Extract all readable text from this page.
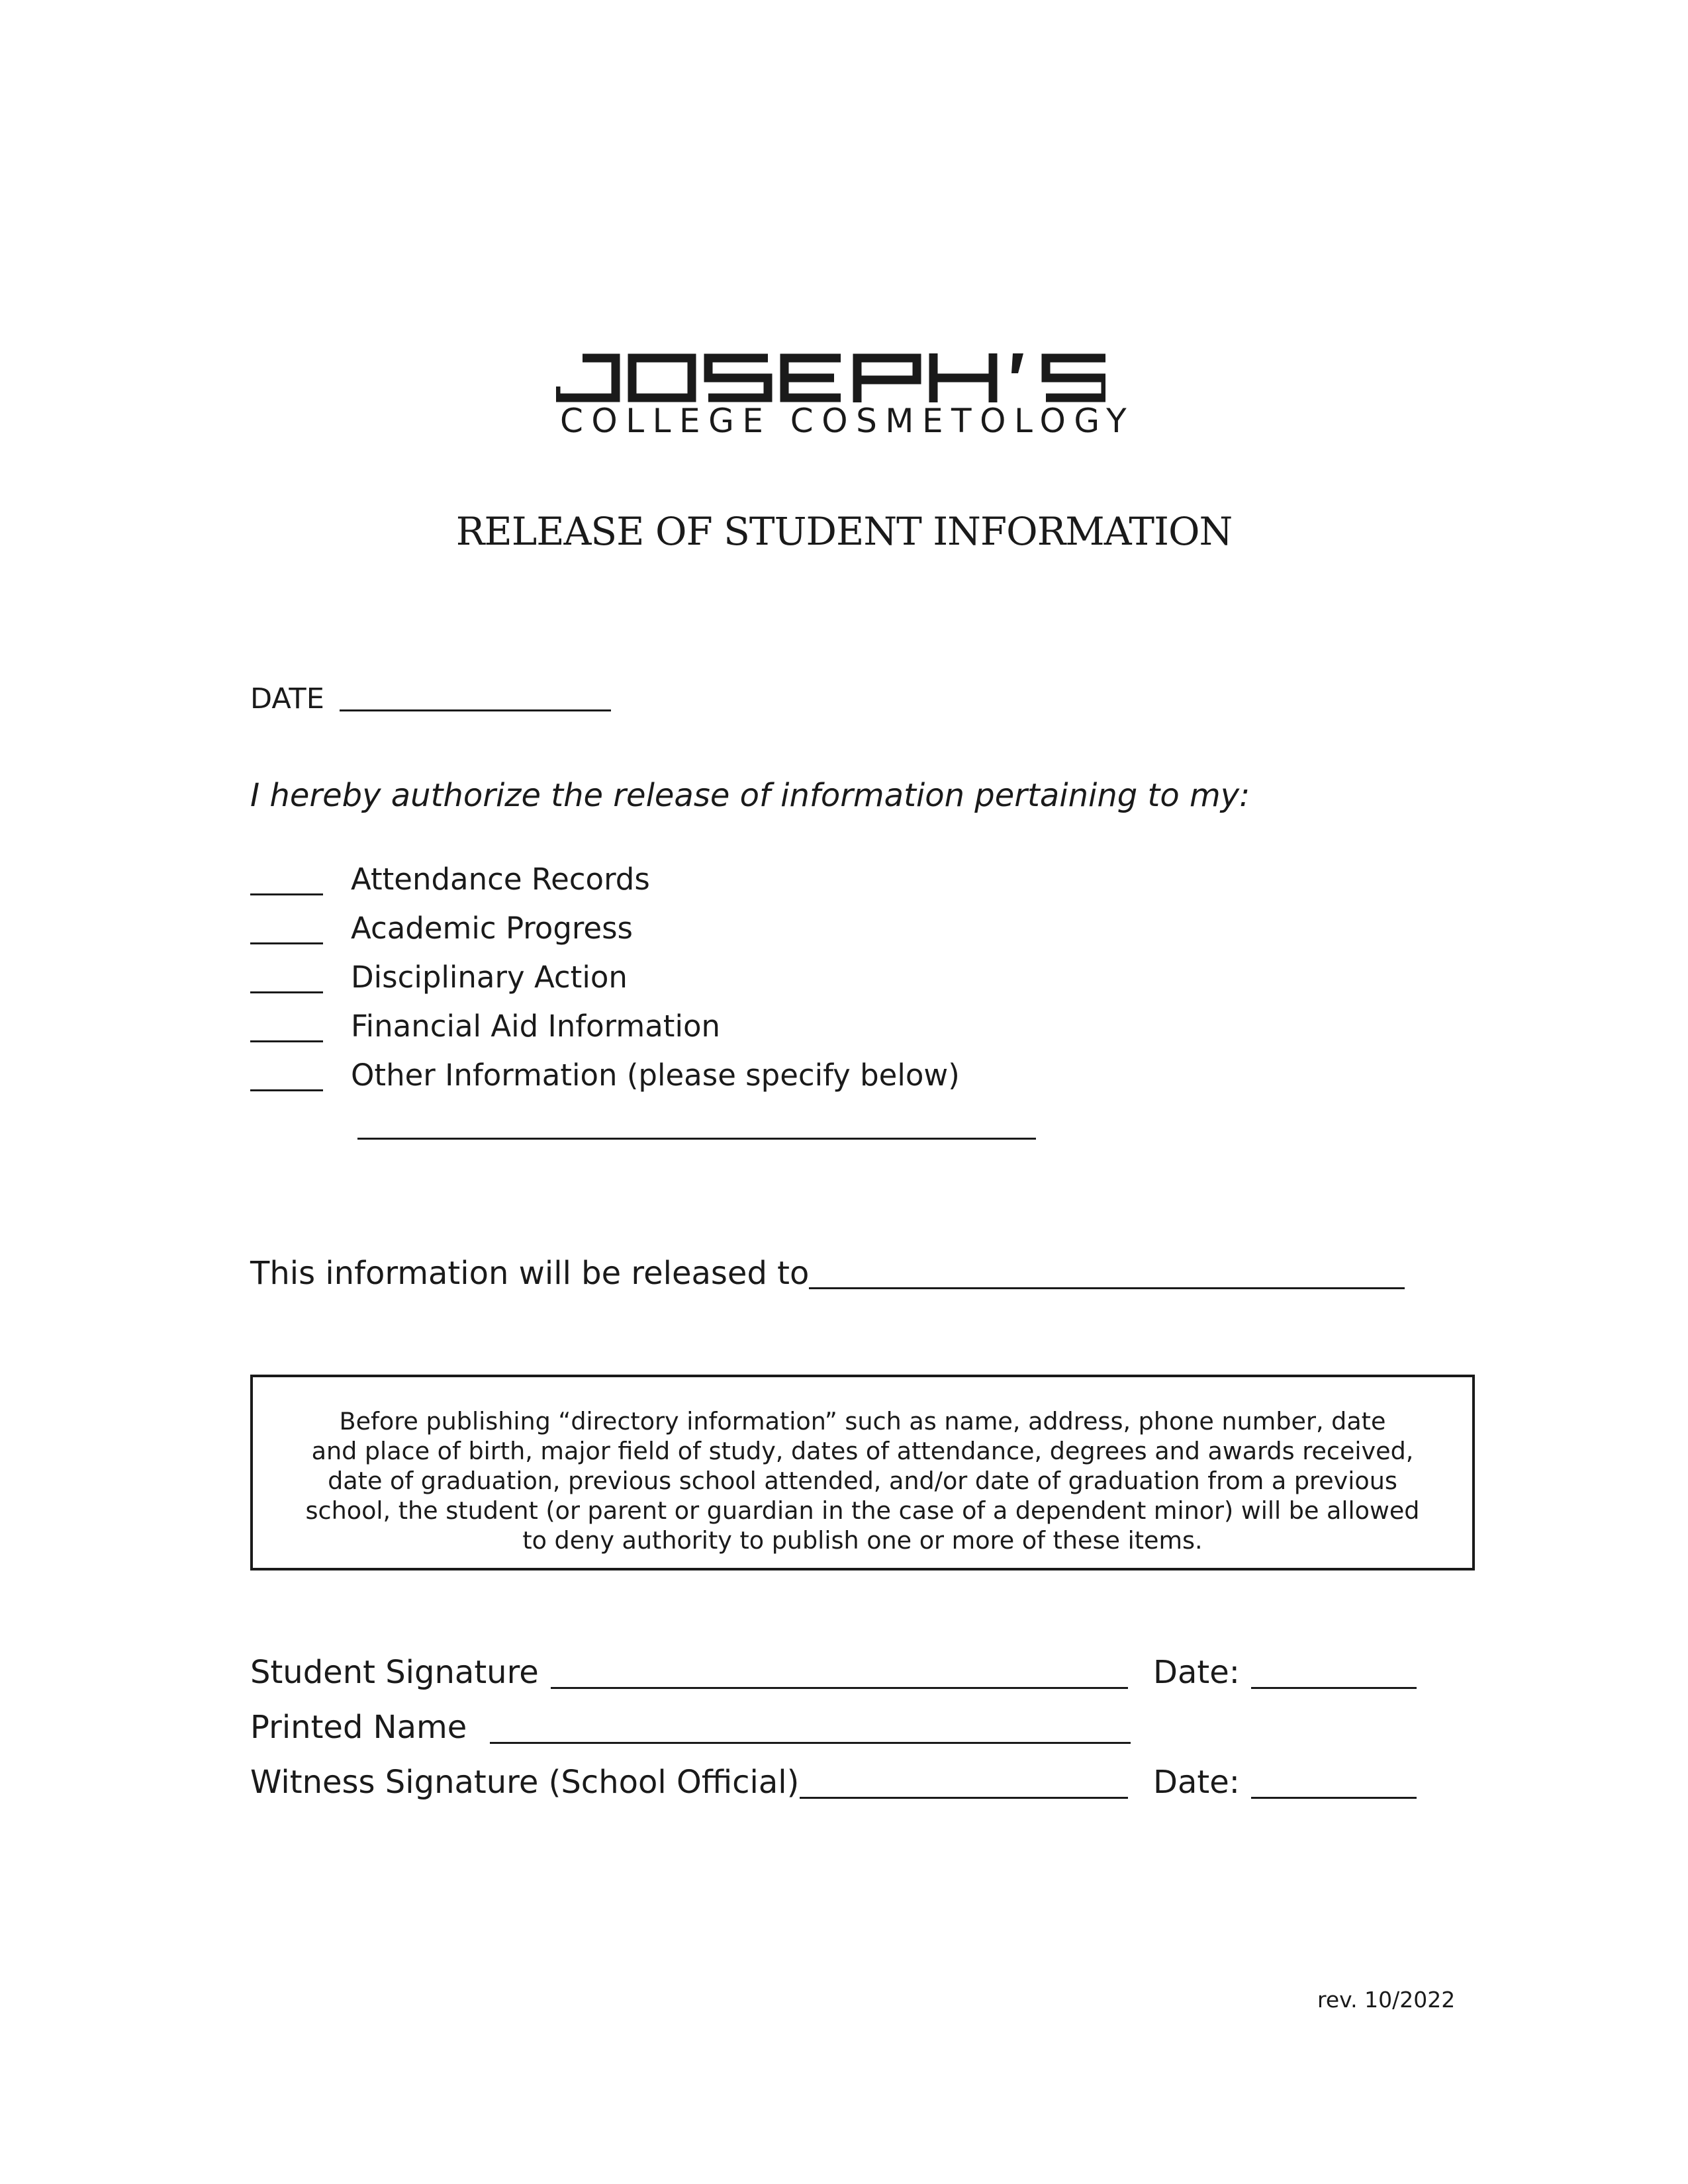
COLLEGE COSMETOLOGY
RELEASE OF STUDENT INFORMATION
DATE
I hereby authorize the release of information pertaining to my:
Attendance Records
Academic Progress
Disciplinary Action
Financial Aid Information
Other Information (please specify below)
This information will be released to
Before publishing “directory information” such as name, address, phone number, date
and place of birth, major field of study, dates of attendance, degrees and awards received,
date of graduation, previous school attended, and/or date of graduation from a previous
school, the student (or parent or guardian in the case of a dependent minor) will be allowed
to deny authority to publish one or more of these items.
Student Signature	Date:
Printed Name
Witness Signature (School Official)	Date:
rev. 10/2022
